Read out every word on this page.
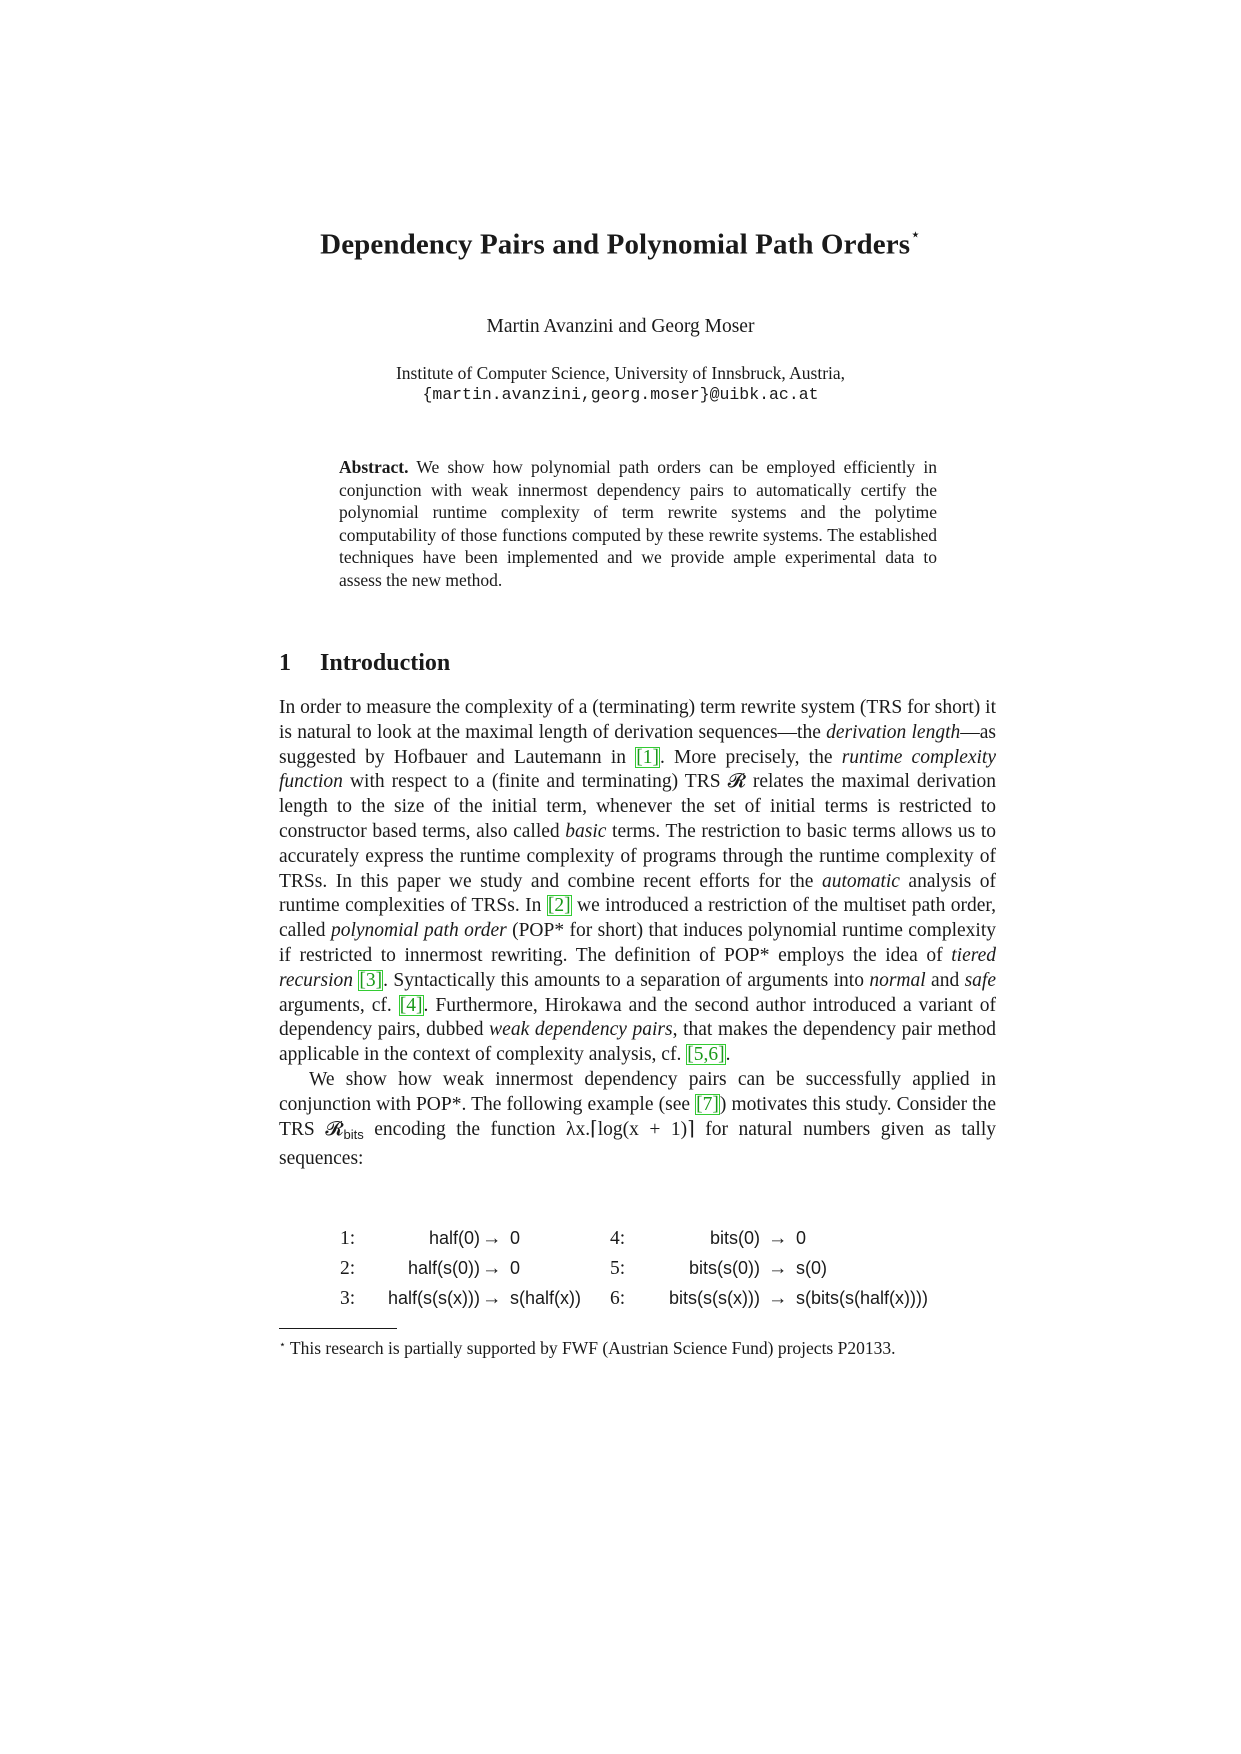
Dependency Pairs and Polynomial Path Orders⋆
Martin Avanzini and Georg Moser
Institute of Computer Science, University of Innsbruck, Austria,
{martin.avanzini,georg.moser}@uibk.ac.at
Abstract. We show how polynomial path orders can be employed efficiently in conjunction with weak innermost dependency pairs to automatically certify the polynomial runtime complexity of term rewrite systems and the polytime computability of those functions computed by these rewrite systems. The established techniques have been implemented and we provide ample experimental data to assess the new method.
1 Introduction

In order to measure the complexity of a (terminating) term rewrite system (TRS for short) it is natural to look at the maximal length of derivation sequences—the derivation length—as suggested by Hofbauer and Lautemann in [1]. More precisely, the runtime complexity function with respect to a (finite and terminating) TRS 𝓡 relates the maximal derivation length to the size of the initial term, whenever the set of initial terms is restricted to constructor based terms, also called basic terms. The restriction to basic terms allows us to accurately express the runtime complexity of programs through the runtime complexity of TRSs. In this paper we study and combine recent efforts for the automatic analysis of runtime complexities of TRSs. In [2] we introduced a restriction of the multiset path order, called polynomial path order (POP* for short) that induces polynomial runtime complexity if restricted to innermost rewriting. The definition of POP* employs the idea of tiered recursion [3]. Syntactically this amounts to a separation of arguments into normal and safe arguments, cf. [4]. Furthermore, Hirokawa and the second author introduced a variant of dependency pairs, dubbed weak dependency pairs, that makes the dependency pair method applicable in the context of complexity analysis, cf. [5,6].

We show how weak innermost dependency pairs can be successfully applied in conjunction with POP*. The following example (see [7]) motivates this study. Consider the TRS 𝓡$_{bits}$ encoding the function λx.⌈log(x + 1)⌉ for natural numbers given as tally sequences:

1:	half(0) → 0
2:	half(s(0)) → 0
3: half(s(s(x))) → s(half(x))
4:	bits(0) → 0
5:	bits(s(0)) → s(0)
6: bits(s(s(x))) → s(bits(s(half(x))))
⋆ This research is partially supported by FWF (Austrian Science Fund) projects P20133.
